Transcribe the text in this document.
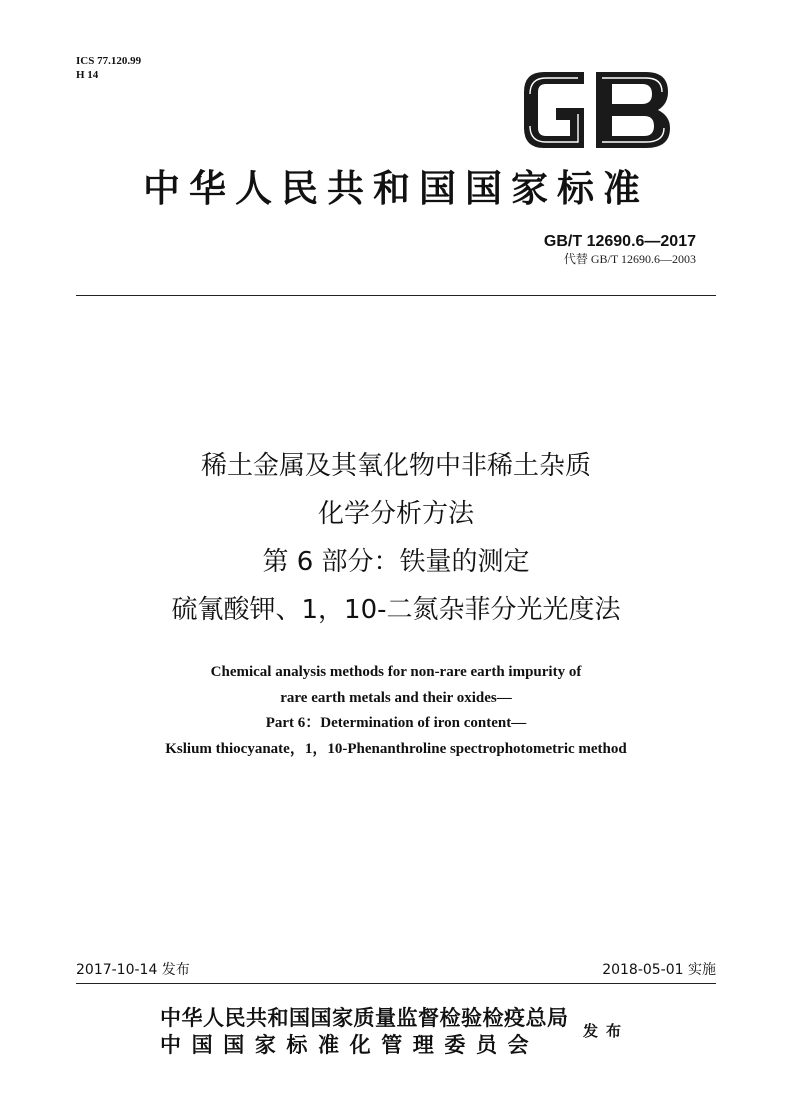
ICS 77.120.99
H 14
中华人民共和国国家标准
GB/T 12690.6—2017
代替 GB/T 12690.6—2003
稀土金属及其氧化物中非稀土杂质
化学分析方法
第 6 部分：铁量的测定
硫氰酸钾、1，10-二氮杂菲分光光度法
Chemical analysis methods for non-rare earth impurity of
rare earth metals and their oxides—
Part 6：Determination of iron content—
Kslium thiocyanate，1，10-Phenanthroline spectrophotometric method
2017-10-14 发布	2018-05-01 实施
中华人民共和国国家质量监督检验检疫总局
中国国家标准化管理委员会
发布
